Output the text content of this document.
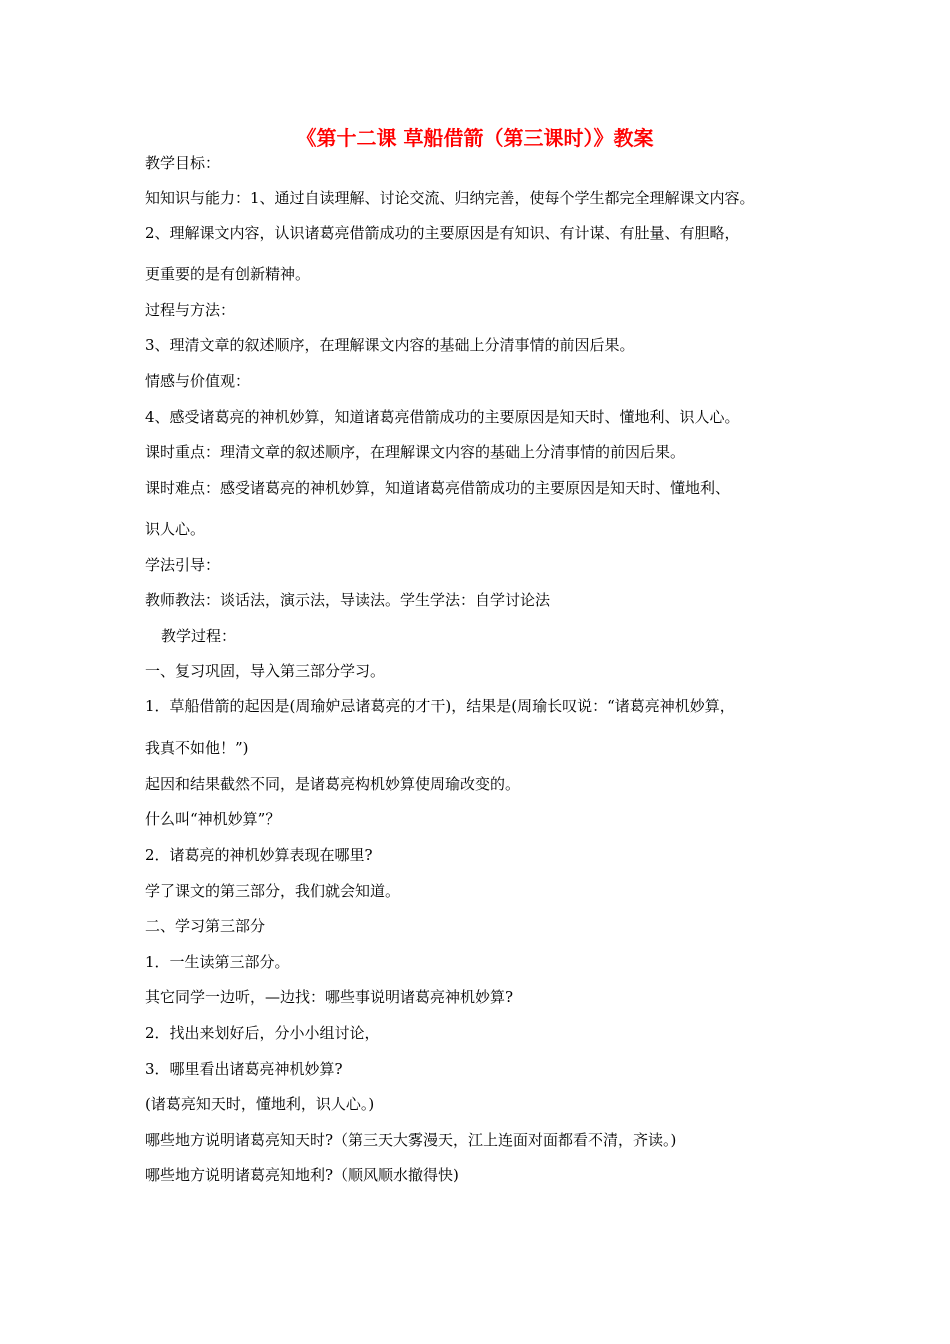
《第十二课 草船借箭（第三课时）》教案

教学目标：

知知识与能力：1、通过自读理解、讨论交流、归纳完善，使每个学生都完全理解课文内容。

2、理解课文内容，认识诸葛亮借箭成功的主要原因是有知识、有计谋、有肚量、有胆略，

更重要的是有创新精神。

过程与方法：

3、理清文章的叙述顺序，在理解课文内容的基础上分清事情的前因后果。

情感与价值观：

4、感受诸葛亮的神机妙算，知道诸葛亮借箭成功的主要原因是知天时、懂地利、识人心。

课时重点：理清文章的叙述顺序，在理解课文内容的基础上分清事情的前因后果。

课时难点：感受诸葛亮的神机妙算，知道诸葛亮借箭成功的主要原因是知天时、懂地利、

识人心。

学法引导：

教师教法：谈话法，演示法，导读法。学生学法：自学讨论法

教学过程：

一、复习巩固，导入第三部分学习。

1．草船借箭的起因是(周瑜妒忌诸葛亮的才干)，结果是(周瑜长叹说：“诸葛亮神机妙算，

我真不如他！”)

起因和结果截然不同，是诸葛亮构机妙算使周瑜改变的。

什么叫“神机妙算”？

2．诸葛亮的神机妙算表现在哪里?

学了课文的第三部分，我们就会知道。

二、学习第三部分

1．一生读第三部分。

其它同学一边听，—边找：哪些事说明诸葛亮神机妙算?

2．找出来划好后，分小小组讨论，

3．哪里看出诸葛亮神机妙算?

(诸葛亮知天时，懂地利，识人心。)

哪些地方说明诸葛亮知天时?（第三天大雾漫天，江上连面对面都看不清，齐读。)

哪些地方说明诸葛亮知地利?（顺风顺水撤得快)
